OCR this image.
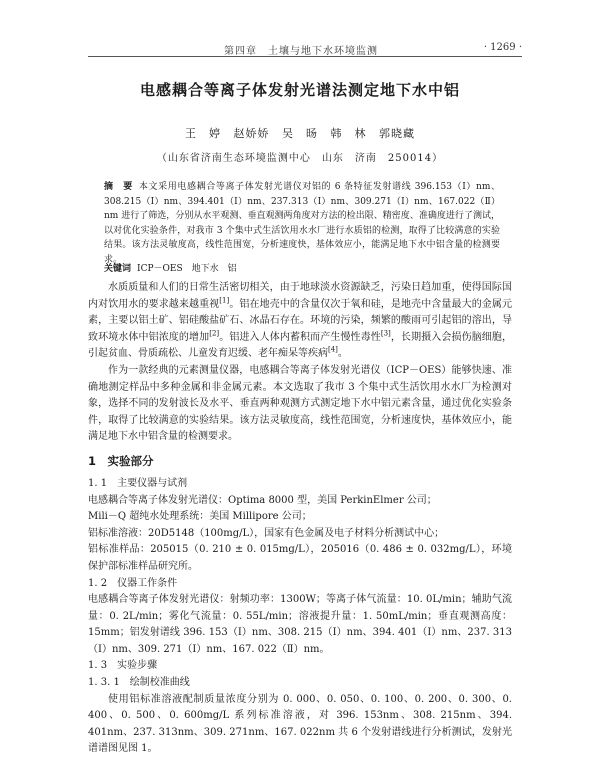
第四章　土壤与地下水环境监测	· 1269 ·
电感耦合等离子体发射光谱法测定地下水中铝
王　婷 赵娇娇 吴　旸 韩　林 郭晓藏
（山东省济南生态环境监测中心　山东　济南　250014）
摘　要 本文采用电感耦合等离子体发射光谱仪对铝的 6 条特征发射谱线 396.153（Ⅰ）nm、308.215（Ⅰ）nm、394.401（Ⅰ）nm、237.313（Ⅰ）nm、309.271（Ⅰ）nm、167.022（Ⅱ）nm 进行了筛选，分别从水平观测、垂直观测两角度对方法的检出限、精密度、准确度进行了测试，以对优化实验条件，对我市 3 个集中式生活饮用水水厂进行水质铝的检测，取得了比较满意的实验结果。该方法灵敏度高，线性范围宽，分析速度快，基体效应小，能满足地下水中铝含量的检测要求。
关键词 ICP－OES　地下水　铝

水质质量和人们的日常生活密切相关，由于地球淡水资源缺乏，污染日趋加重，使得国际国内对饮用水的要求越来越重视[1]。铝在地壳中的含量仅次于氧和硅，是地壳中含量最大的金属元素，主要以铝土矿、铝硅酸盐矿石、冰晶石存在。环境的污染，频繁的酸雨可引起铝的溶出，导致环境水体中铝浓度的增加[2]。铝进入人体内蓄积而产生慢性毒性[3]，长期摄入会损伤脑细胞，引起贫血、骨质疏松、儿童发育迟缓、老年痴呆等疾病[4]。

作为一款经典的元素测量仪器，电感耦合等离子体发射光谱仪（ICP－OES）能够快速、准确地测定样品中多种金属和非金属元素。本文选取了我市 3 个集中式生活饮用水水厂为检测对象，选择不同的发射波长及水平、垂直两种观测方式测定地下水中铝元素含量，通过优化实验条件，取得了比较满意的实验结果。该方法灵敏度高，线性范围宽，分析速度快，基体效应小，能满足地下水中铝含量的检测要求。

1　实验部分
1. 1　主要仪器与试剂
电感耦合等离子体发射光谱仪：Optima 8000 型，美国 PerkinElmer 公司；
Mili－Q 超纯水处理系统：美国 Millipore 公司；
铝标准溶液：20D5148（100mg/L），国家有色金属及电子材料分析测试中心；
铝标准样品：205015（0. 210 ± 0. 015mg/L），205016（0. 486 ± 0. 032mg/L），环境保护部标准样品研究所。
1. 2　仪器工作条件
电感耦合等离子体发射光谱仪：射频功率：1300W；等离子体气流量：10. 0L/min；辅助气流量：0. 2L/min；雾化气流量：0. 55L/min；溶液提升量：1. 50mL/min；垂直观测高度：15mm；铝发射谱线 396. 153（Ⅰ）nm、308. 215（Ⅰ）nm、394. 401（Ⅰ）nm、237. 313（Ⅰ）nm、309. 271（Ⅰ）nm、167. 022（Ⅱ）nm。
1. 3　实验步骤
1. 3. 1　绘制校准曲线

使用铝标准溶液配制质量浓度分别为 0. 000、0. 050、0. 100、0. 200、0. 300、0. 400、0. 500、0. 600mg/L 系列标准溶液，对 396. 153nm、308. 215nm、394. 401nm、237. 313nm、309. 271nm、167. 022nm 共 6 个发射谱线进行分析测试，发射光谱谱图见图 1。
